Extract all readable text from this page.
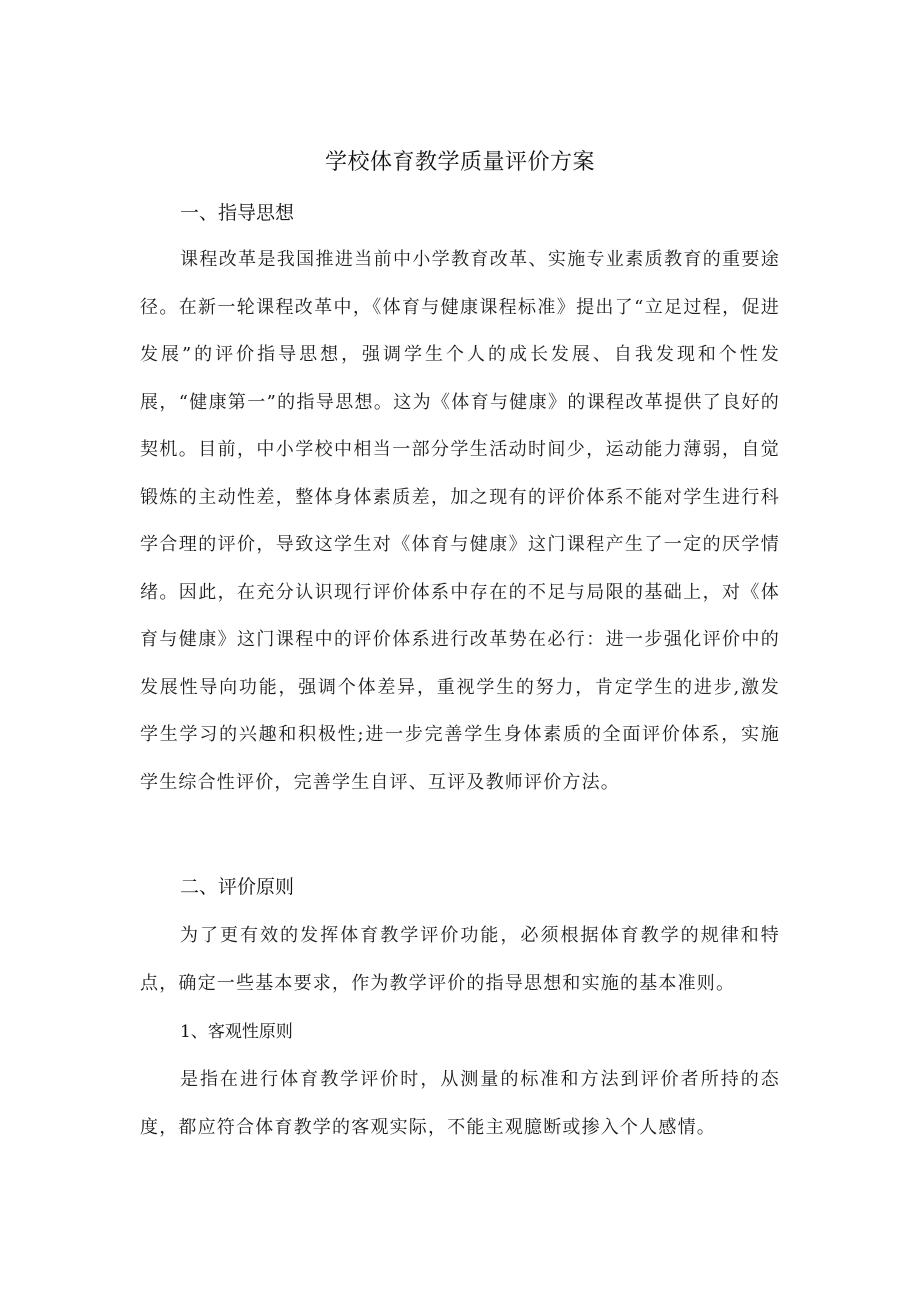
学校体育教学质量评价方案
一、指导思想

课程改革是我国推进当前中小学教育改革、实施专业素质教育的重要途径。在新一轮课程改革中，《体育与健康课程标准》提出了“立足过程，促进发展”的评价指导思想，强调学生个人的成长发展、自我发现和个性发展，“健康第一”的指导思想。这为《体育与健康》的课程改革提供了良好的契机。目前，中小学校中相当一部分学生活动时间少，运动能力薄弱，自觉锻炼的主动性差，整体身体素质差，加之现有的评价体系不能对学生进行科学合理的评价，导致这学生对《体育与健康》这门课程产生了一定的厌学情绪。因此，在充分认识现行评价体系中存在的不足与局限的基础上，对《体育与健康》这门课程中的评价体系进行改革势在必行：进一步强化评价中的发展性导向功能，强调个体差异，重视学生的努力，肯定学生的进步,激发学生学习的兴趣和积极性;进一步完善学生身体素质的全面评价体系，实施学生综合性评价，完善学生自评、互评及教师评价方法。

二、评价原则

为了更有效的发挥体育教学评价功能，必须根据体育教学的规律和特点，确定一些基本要求，作为教学评价的指导思想和实施的基本准则。

1、客观性原则

是指在进行体育教学评价时，从测量的标准和方法到评价者所持的态度，都应符合体育教学的客观实际，不能主观臆断或掺入个人感情。
